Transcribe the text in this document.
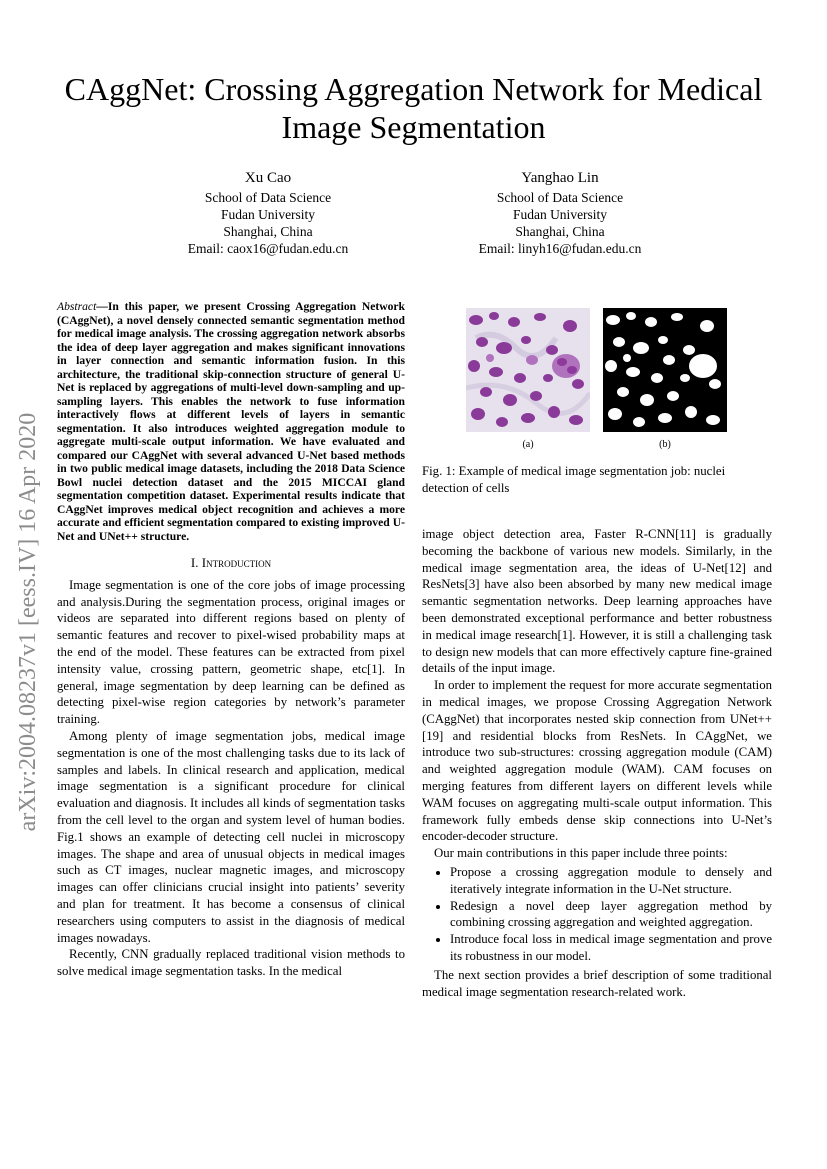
CAggNet: Crossing Aggregation Network for Medical Image Segmentation
Xu Cao
School of Data Science
Fudan University
Shanghai, China
Email: caox16@fudan.edu.cn
Yanghao Lin
School of Data Science
Fudan University
Shanghai, China
Email: linyh16@fudan.edu.cn
arXiv:2004.08237v1 [eess.IV] 16 Apr 2020
Abstract—In this paper, we present Crossing Aggregation Network (CAggNet), a novel densely connected semantic segmentation method for medical image analysis. The crossing aggregation network absorbs the idea of deep layer aggregation and makes significant innovations in layer connection and semantic information fusion. In this architecture, the traditional skip-connection structure of general U-Net is replaced by aggregations of multi-level down-sampling and up-sampling layers. This enables the network to fuse information interactively flows at different levels of layers in semantic segmentation. It also introduces weighted aggregation module to aggregate multi-scale output information. We have evaluated and compared our CAggNet with several advanced U-Net based methods in two public medical image datasets, including the 2018 Data Science Bowl nuclei detection dataset and the 2015 MICCAI gland segmentation competition dataset. Experimental results indicate that CAggNet improves medical object recognition and achieves a more accurate and efficient segmentation compared to existing improved U-Net and UNet++ structure.
I. Introduction

Image segmentation is one of the core jobs of image processing and analysis.During the segmentation process, original images or videos are separated into different regions based on plenty of semantic features and recover to pixel-wised probability maps at the end of the model. These features can be extracted from pixel intensity value, crossing pattern, geometric shape, etc[1]. In general, image segmentation by deep learning can be defined as detecting pixel-wise region categories by network’s parameter training.

Among plenty of image segmentation jobs, medical image segmentation is one of the most challenging tasks due to its lack of samples and labels. In clinical research and application, medical image segmentation is a significant procedure for clinical evaluation and diagnosis. It includes all kinds of segmentation tasks from the cell level to the organ and system level of human bodies. Fig.1 shows an example of detecting cell nuclei in microscopy images. The shape and area of unusual objects in medical images such as CT images, nuclear magnetic images, and microscopy images can offer clinicians crucial insight into patients’ severity and plan for treatment. It has become a consensus of clinical researchers using computers to assist in the diagnosis of medical images nowadays.

Recently, CNN gradually replaced traditional vision methods to solve medical image segmentation tasks. In the medical

(a)	(b)
Fig. 1: Example of medical image segmentation job: nuclei detection of cells

image object detection area, Faster R-CNN[11] is gradually becoming the backbone of various new models. Similarly, in the medical image segmentation area, the ideas of U-Net[12] and ResNets[3] have also been absorbed by many new medical image semantic segmentation networks. Deep learning approaches have been demonstrated exceptional performance and better robustness in medical image research[1]. However, it is still a challenging task to design new models that can more effectively capture fine-grained details of the input image.

In order to implement the request for more accurate segmentation in medical images, we propose Crossing Aggregation Network (CAggNet) that incorporates nested skip connection from UNet++[19] and residential blocks from ResNets. In CAggNet, we introduce two sub-structures: crossing aggregation module (CAM) and weighted aggregation module (WAM). CAM focuses on merging features from different layers on different levels while WAM focuses on aggregating multi-scale output information. This framework fully embeds dense skip connections into U-Net’s encoder-decoder structure.

Our main contributions in this paper include three points:

• Propose a crossing aggregation module to densely and iteratively integrate information in the U-Net structure.
• Redesign a novel deep layer aggregation method by combining crossing aggregation and weighted aggregation.
• Introduce focal loss in medical image segmentation and prove its robustness in our model.

The next section provides a brief description of some traditional medical image segmentation research-related work.
